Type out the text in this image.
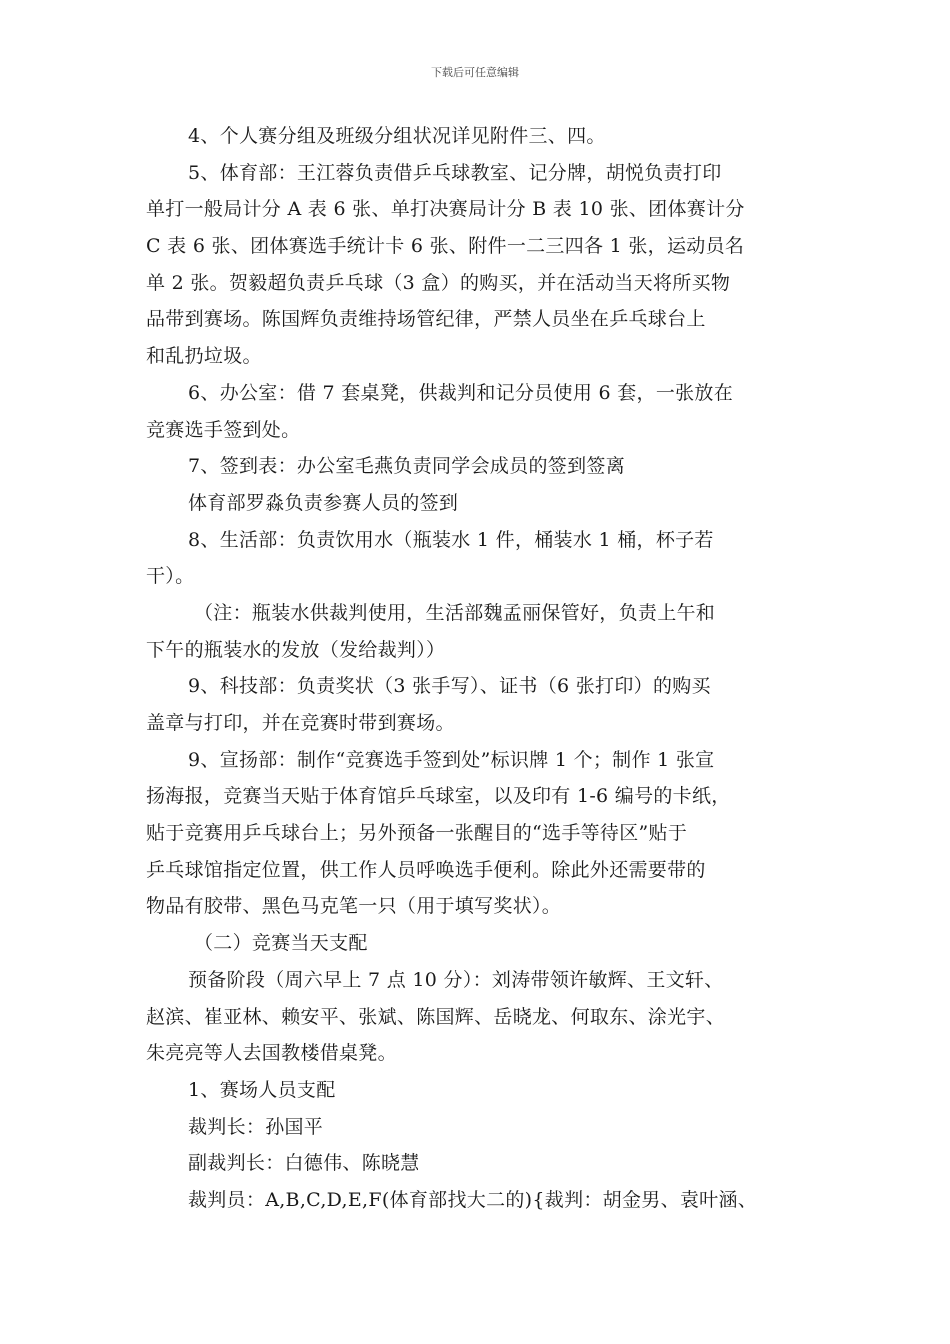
下载后可任意编辑
4、个人赛分组及班级分组状况详见附件三、四。
5、体育部：王江蓉负责借乒乓球教室、记分牌，胡悦负责打印
单打一般局计分 A 表 6 张、单打决赛局计分 B 表 10 张、团体赛计分
C 表 6 张、团体赛选手统计卡 6 张、附件一二三四各 1 张，运动员名
单 2 张。贺毅超负责乒乓球（3 盒）的购买，并在活动当天将所买物
品带到赛场。陈国辉负责维持场管纪律，严禁人员坐在乒乓球台上
和乱扔垃圾。
6、办公室：借 7 套桌凳，供裁判和记分员使用 6 套，一张放在
竞赛选手签到处。
7、签到表：办公室毛燕负责同学会成员的签到签离
体育部罗淼负责参赛人员的签到
8、生活部：负责饮用水（瓶装水 1 件，桶装水 1 桶，杯子若
干）。
（注：瓶装水供裁判使用，生活部魏孟丽保管好，负责上午和
下午的瓶装水的发放（发给裁判））
9、科技部：负责奖状（3 张手写）、证书（6 张打印）的购买
盖章与打印，并在竞赛时带到赛场。
9、宣扬部：制作“竞赛选手签到处”标识牌 1 个；制作 1 张宣
扬海报，竞赛当天贴于体育馆乒乓球室，以及印有 1-6 编号的卡纸，
贴于竞赛用乒乓球台上；另外预备一张醒目的“选手等待区”贴于
乒乓球馆指定位置，供工作人员呼唤选手便利。除此外还需要带的
物品有胶带、黑色马克笔一只（用于填写奖状）。
（二）竞赛当天支配
预备阶段（周六早上 7 点 10 分）：刘涛带领许敏辉、王文轩、
赵滨、崔亚林、赖安平、张斌、陈国辉、岳晓龙、何取东、涂光宇、
朱亮亮等人去国教楼借桌凳。
1、赛场人员支配
裁判长：孙国平
副裁判长：白德伟、陈晓慧
裁判员：A,B,C,D,E,F(体育部找大二的){裁判：胡金男、袁叶涵、
